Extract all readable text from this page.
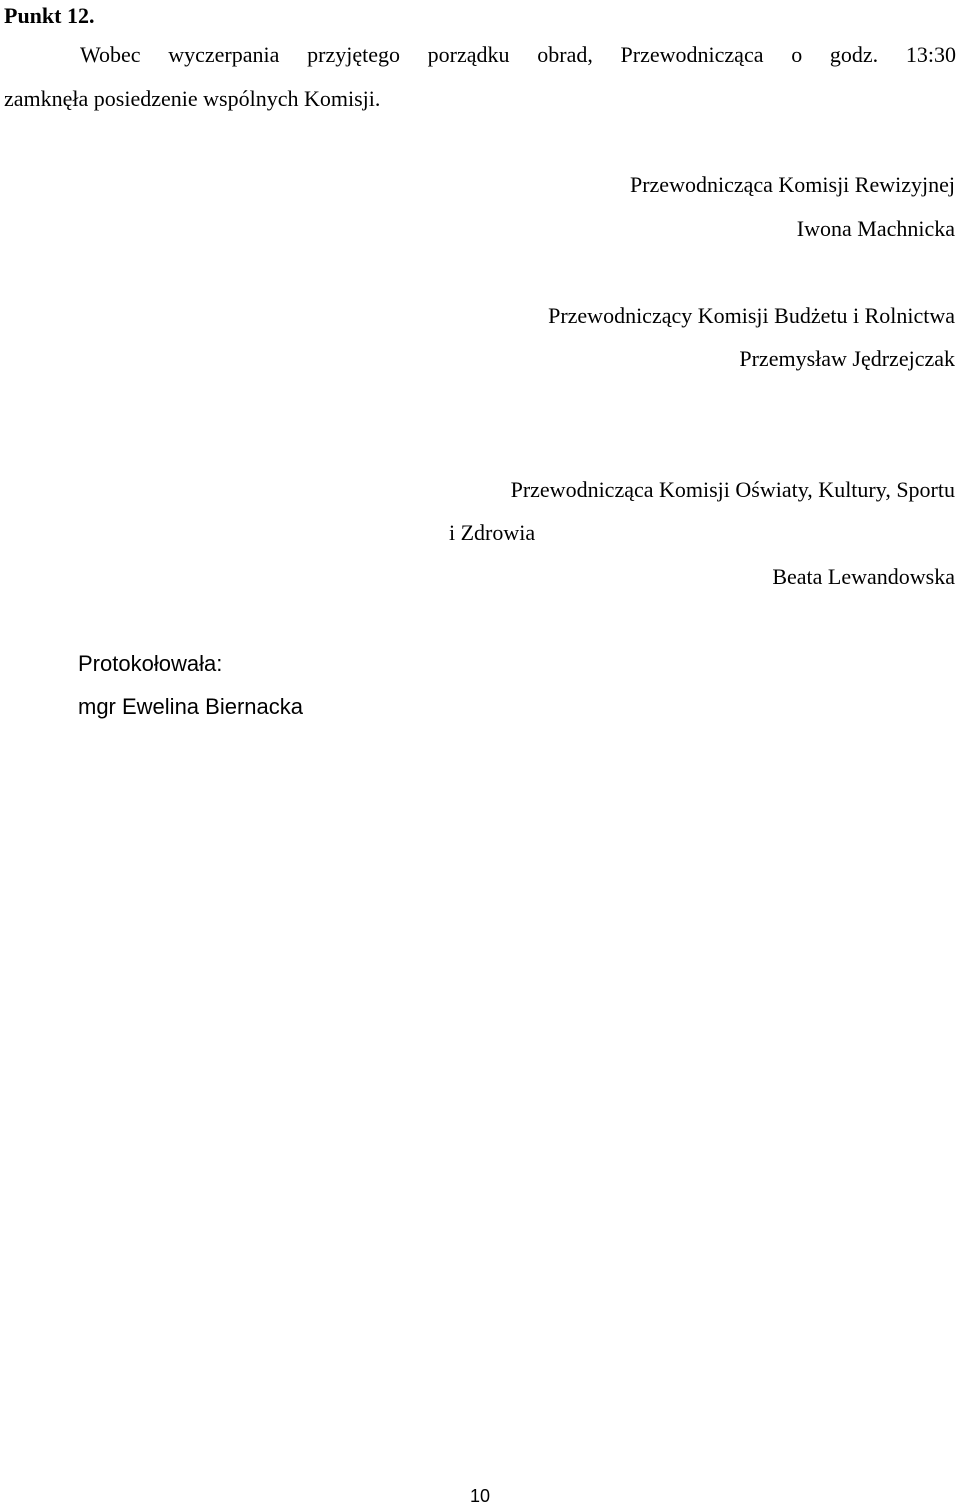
Punkt 12.
Wobec wyczerpania przyjętego porządku obrad, Przewodnicząca o godz. 13:30
zamknęła posiedzenie wspólnych Komisji.
Przewodnicząca Komisji Rewizyjnej
Iwona Machnicka
Przewodniczący Komisji Budżetu i Rolnictwa
Przemysław Jędrzejczak
Przewodnicząca Komisji Oświaty, Kultury, Sportu
i Zdrowia
Beata Lewandowska
Protokołowała:
mgr Ewelina Biernacka
10
